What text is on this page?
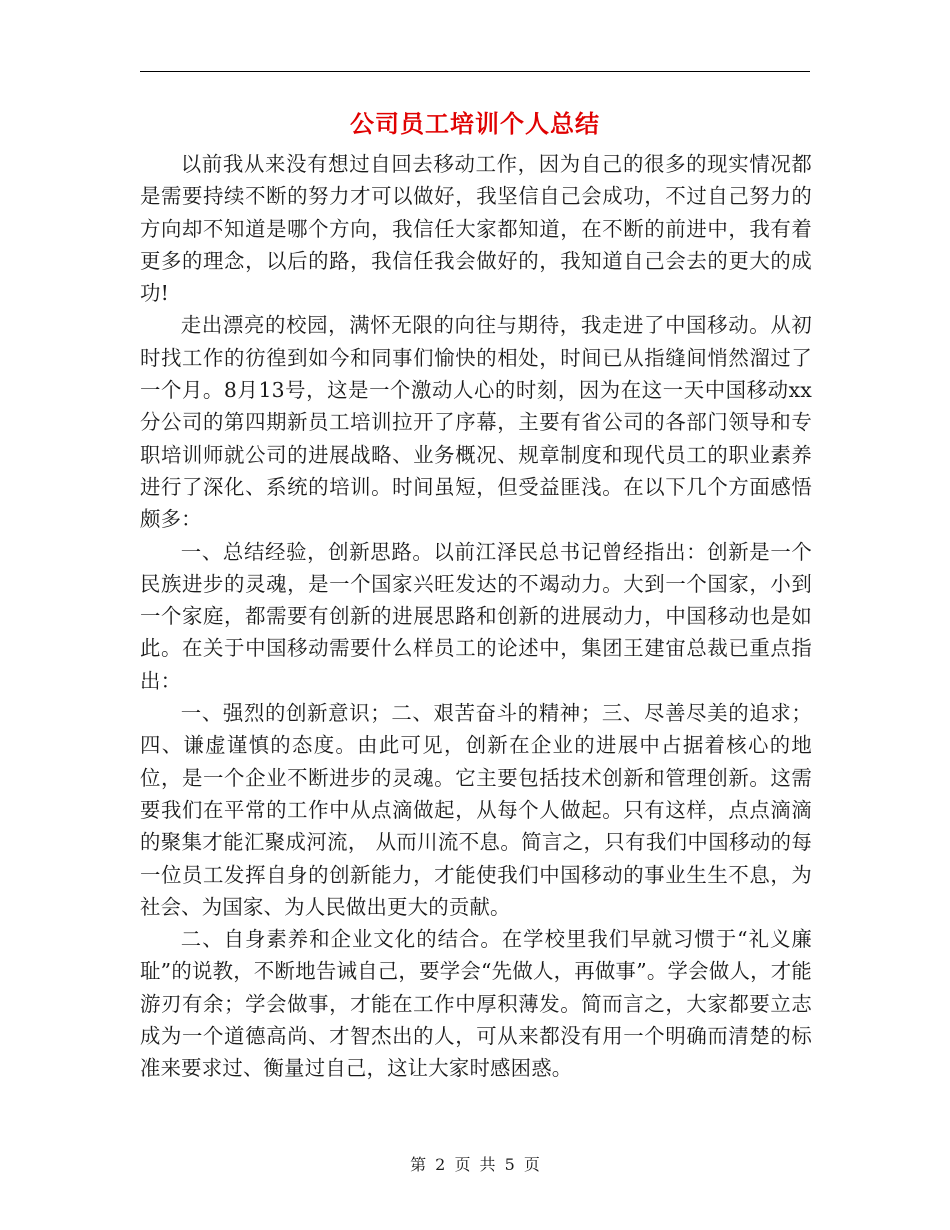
公司员工培训个人总结

以前我从来没有想过自回去移动工作，因为自己的很多的现实情况都是需要持续不断的努力才可以做好，我坚信自己会成功，不过自己努力的方向却不知道是哪个方向，我信任大家都知道，在不断的前进中，我有着更多的理念，以后的路，我信任我会做好的，我知道自己会去的更大的成功!

走出漂亮的校园，满怀无限的向往与期待，我走进了中国移动。从初时找工作的彷徨到如今和同事们愉快的相处，时间已从指缝间悄然溜过了一个月。8月13号，这是一个激动人心的时刻，因为在这一天中国移动xx分公司的第四期新员工培训拉开了序幕，主要有省公司的各部门领导和专职培训师就公司的进展战略、业务概况、规章制度和现代员工的职业素养进行了深化、系统的培训。时间虽短，但受益匪浅。在以下几个方面感悟颇多：

一、总结经验，创新思路。以前江泽民总书记曾经指出：创新是一个民族进步的灵魂，是一个国家兴旺发达的不竭动力。大到一个国家，小到一个家庭，都需要有创新的进展思路和创新的进展动力，中国移动也是如此。在关于中国移动需要什么样员工的论述中，集团王建宙总裁已重点指出：

一、强烈的创新意识；二、艰苦奋斗的精神；三、尽善尽美的追求；四、谦虚谨慎的态度。由此可见，创新在企业的进展中占据着核心的地位，是一个企业不断进步的灵魂。它主要包括技术创新和管理创新。这需要我们在平常的工作中从点滴做起，从每个人做起。只有这样，点点滴滴的聚集才能汇聚成河流， 从而川流不息。简言之，只有我们中国移动的每一位员工发挥自身的创新能力，才能使我们中国移动的事业生生不息，为社会、为国家、为人民做出更大的贡献。

二、自身素养和企业文化的结合。在学校里我们早就习惯于“礼义廉耻”的说教，不断地告诫自己，要学会“先做人，再做事”。学会做人，才能游刃有余；学会做事，才能在工作中厚积薄发。简而言之，大家都要立志成为一个道德高尚、才智杰出的人，可从来都没有用一个明确而清楚的标准来要求过、衡量过自己，这让大家时感困惑。

第 2 页 共 5 页
